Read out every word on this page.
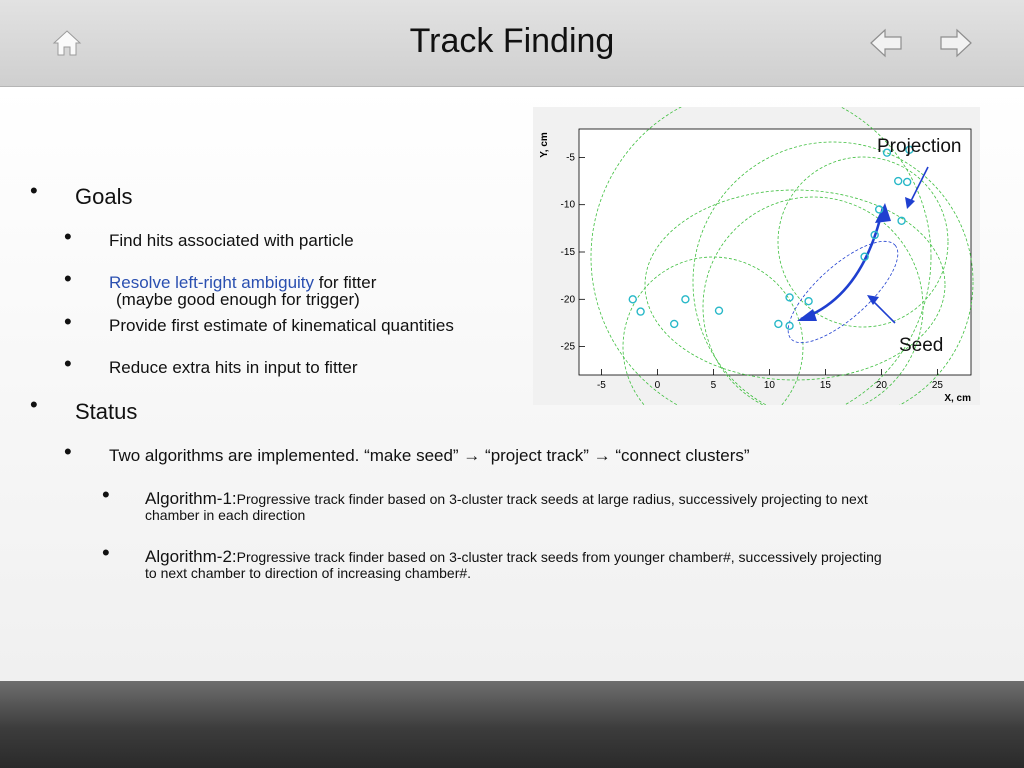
Track Finding
• Goals
• Find hits associated with particle
• Resolve left-right ambiguity for fitter
(maybe good enough for trigger)
• Provide first estimate of kinematical quantities
• Reduce extra hits in input to fitter
• Status
• Two algorithms are implemented. “make seed” → “project track” → “connect clusters”
• Algorithm-1:Progressive track finder based on 3-cluster track seeds at large radius, successively projecting to next
chamber in each direction
• Algorithm-2:Progressive track finder based on 3-cluster track seeds from younger chamber#, successively projecting
to next chamber to direction of increasing chamber#.
-5	0	5	10	15	20	25
-5
-10
-15
-20
-25
X, cm
Y, cm	Projection
Seed
